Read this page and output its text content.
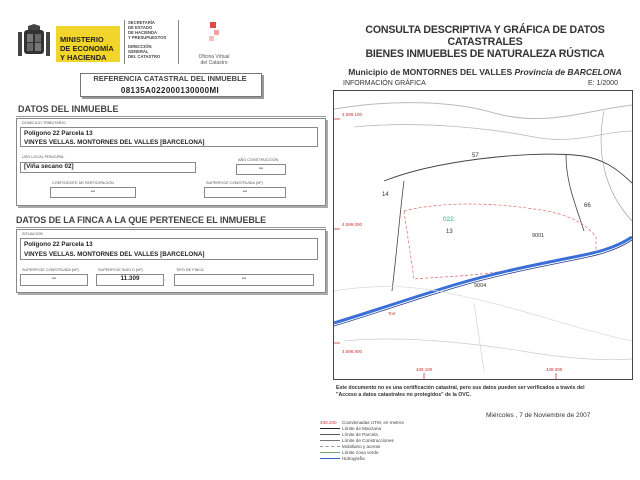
MINISTERIO
DE ECONOMÍA
Y HACIENDA
SECRETARÍA
DE ESTADO
DE HACIENDA
Y PRESUPUESTOS
DIRECCIÓN
GENERAL
DEL CATASTRO	Oficina Virtual
del Catastro
CONSULTA DESCRIPTIVA Y GRÁFICA DE DATOS CATASTRALES
BIENES INMUEBLES DE NATURALEZA RÚSTICA
Municipio de MONTORNES DEL VALLES Provincia de BARCELONA
REFERENCIA CATASTRAL DEL INMUEBLE
08135A022000130000MI
DATOS DEL INMUEBLE
DOMICILIO TRIBUTARIO
Polígono 22 Parcela 13
VINYES VELLAS. MONTORNES DEL VALLES [BARCELONA]
USO LOCAL PRINCIPAL
[Viña secano 02]
AÑO CONSTRUCCIÓN
--
COEFICIENTE DE PARTICIPACIÓN
--
SUPERFICIE CONSTRUIDA (M²)
--
DATOS DE LA FINCA A LA QUE PERTENECE EL INMUEBLE
SITUACIÓN
Polígono 22 Parcela 13
VINYES VELLAS. MONTORNES DEL VALLES [BARCELONA]
SUPERFICIE CONSTRUIDA (M²)
--
SUPERFICIE SUELO (M²)
11.309
TIPO DE FINCA
--
INFORMACIÓN GRÁFICA	E: 1/2000
4.599.100
4.599.000
4.598.900
438.100	438.300
57
14
66
022
13
9001
9004
Torr
Este documento no es una certificación catastral, pero sus datos pueden ser verificados a través del
"Acceso a datos catastrales no protegidos" de la OVC.
Miércoles , 7 de Noviembre de 2007
438.200 Coordenadas UTM, en metros
Límite de Manzana
Límite de Parcela
Límite de Construcciones
Mobiliario y aceras
Límite zona verde
Hidrografía
